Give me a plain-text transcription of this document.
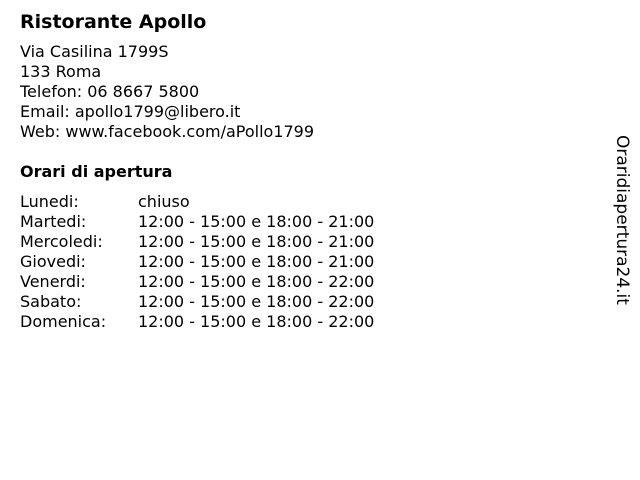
Ristorante Apollo
Via Casilina 1799S
133 Roma
Telefon: 06 8667 5800
Email: apollo1799@libero.it
Web: www.facebook.com/aPollo1799
Orari di apertura
Lunedi:	chiuso
Martedi:	12:00 - 15:00 e 18:00 - 21:00
Mercoledi:	12:00 - 15:00 e 18:00 - 21:00
Giovedi:	12:00 - 15:00 e 18:00 - 21:00
Venerdi:	12:00 - 15:00 e 18:00 - 22:00
Sabato:	12:00 - 15:00 e 18:00 - 22:00
Domenica:	12:00 - 15:00 e 18:00 - 22:00
Oraridiapertura24.it
